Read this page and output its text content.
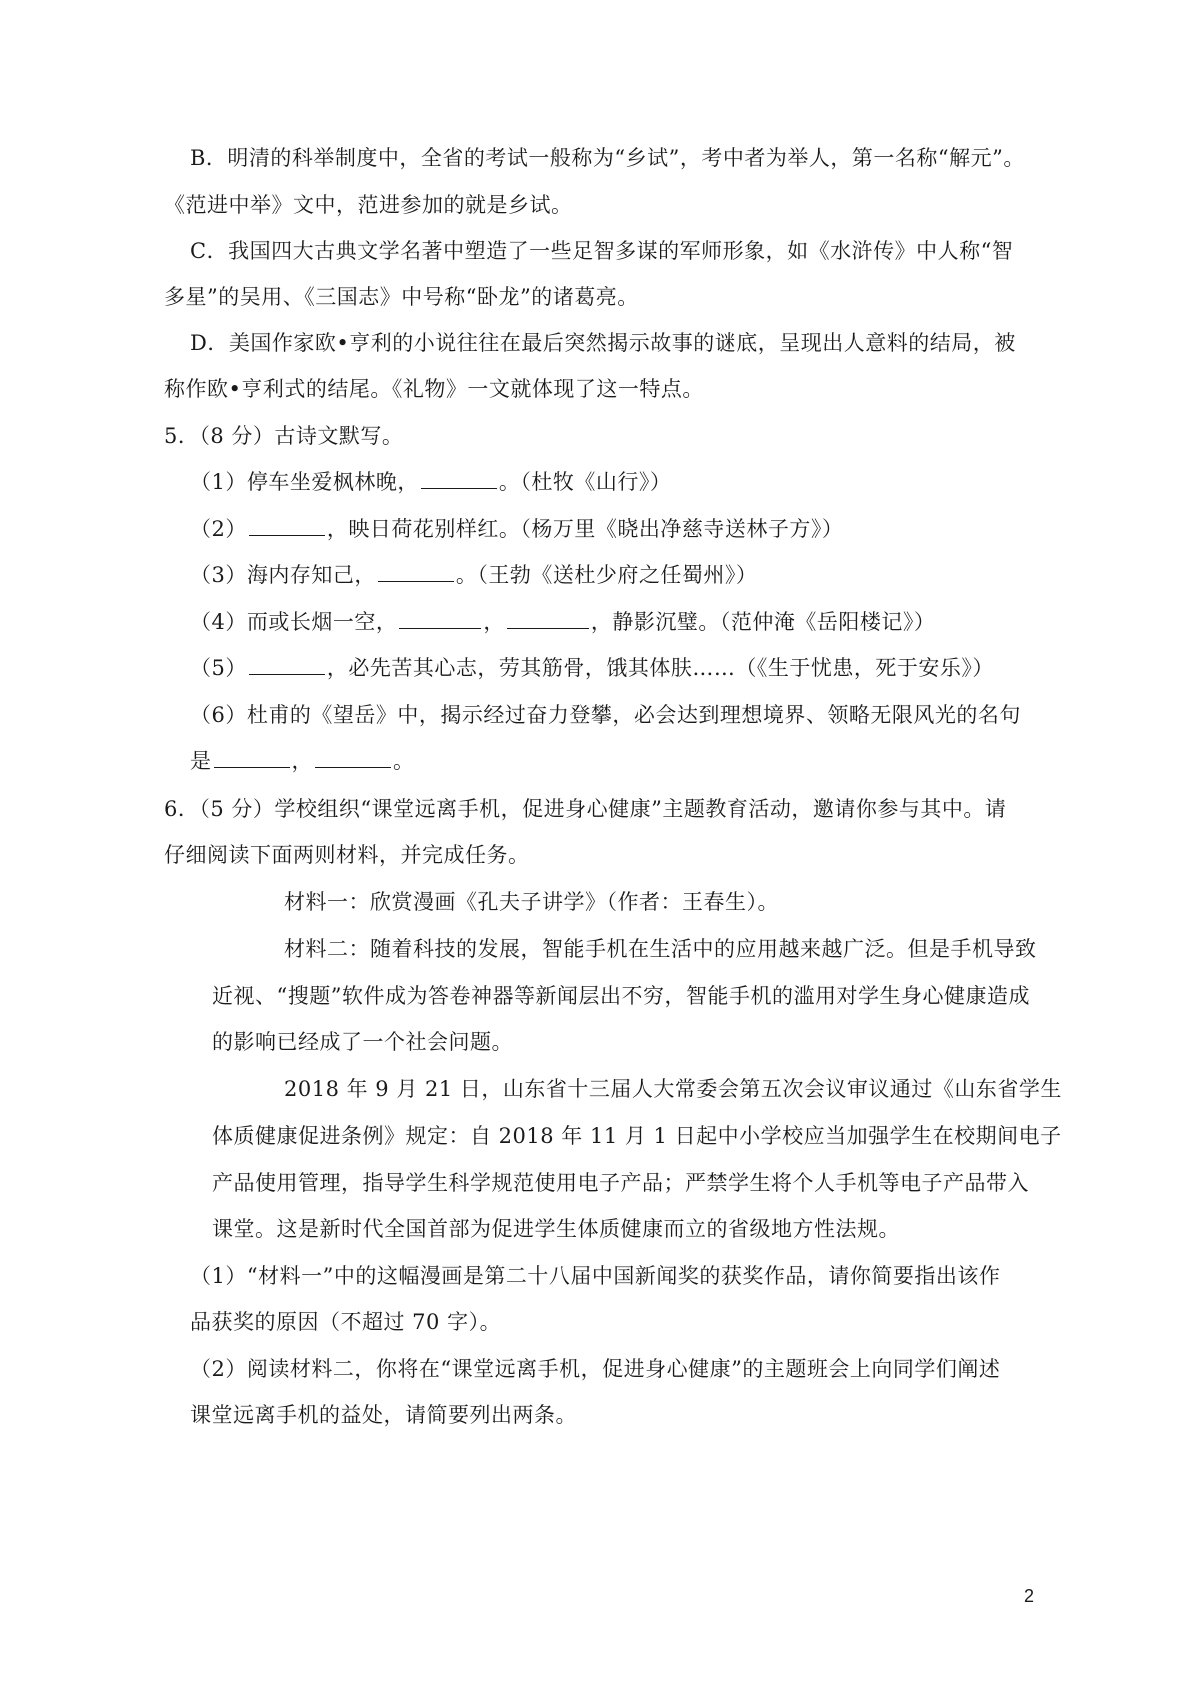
B．明清的科举制度中，全省的考试一般称为“乡试”，考中者为举人，第一名称“解元”。
《范进中举》文中，范进参加的就是乡试。
C．我国四大古典文学名著中塑造了一些足智多谋的军师形象，如《水浒传》中人称“智
多星”的吴用、《三国志》中号称“卧龙”的诸葛亮。
D．美国作家欧•亨利的小说往往在最后突然揭示故事的谜底，呈现出人意料的结局，被
称作欧•亨利式的结尾。《礼物》一文就体现了这一特点。
5．（8 分）古诗文默写。
（1）停车坐爱枫林晚，	。（杜牧《山行》）
（2）	，映日荷花别样红。（杨万里《晓出净慈寺送林子方》）
（3）海内存知己，	。（王勃《送杜少府之任蜀州》）
（4）而或长烟一空，	，	，静影沉璧。（范仲淹《岳阳楼记》）
（5）	，必先苦其心志，劳其筋骨，饿其体肤……（《生于忧患，死于安乐》）
（6）杜甫的《望岳》中，揭示经过奋力登攀，必会达到理想境界、领略无限风光的名句
是	，	。
6．（5 分）学校组织“课堂远离手机，促进身心健康”主题教育活动，邀请你参与其中。请
仔细阅读下面两则材料，并完成任务。
材料一：欣赏漫画《孔夫子讲学》（作者：王春生）。
材料二：随着科技的发展，智能手机在生活中的应用越来越广泛。但是手机导致
近视、“搜题”软件成为答卷神器等新闻层出不穷，智能手机的滥用对学生身心健康造成
的影响已经成了一个社会问题。
2018 年 9 月 21 日，山东省十三届人大常委会第五次会议审议通过《山东省学生
体质健康促进条例》规定：自 2018 年 11 月 1 日起中小学校应当加强学生在校期间电子
产品使用管理，指导学生科学规范使用电子产品；严禁学生将个人手机等电子产品带入
课堂。这是新时代全国首部为促进学生体质健康而立的省级地方性法规。
（1）“材料一”中的这幅漫画是第二十八届中国新闻奖的获奖作品，请你简要指出该作
品获奖的原因（不超过 70 字）。
（2）阅读材料二，你将在“课堂远离手机，促进身心健康”的主题班会上向同学们阐述
课堂远离手机的益处，请简要列出两条。
2
